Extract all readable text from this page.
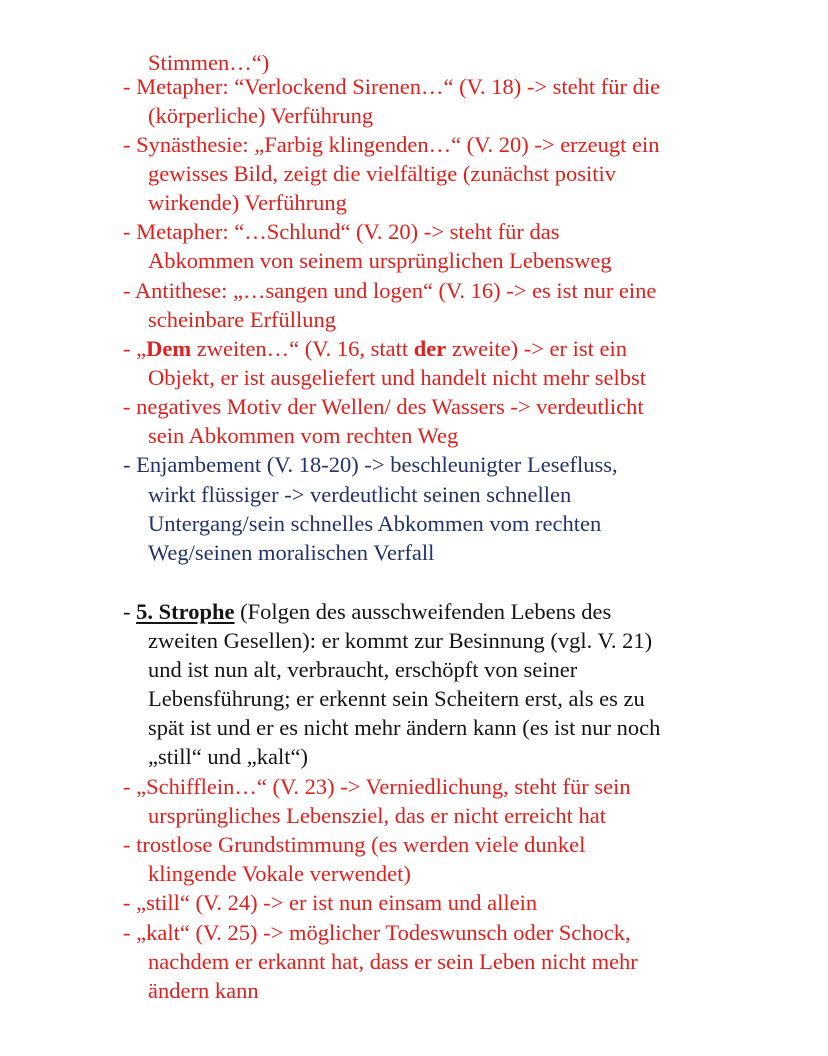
Stimmen…“)
- Metapher: “Verlockend Sirenen…“ (V. 18) -> steht für die
(körperliche) Verführung
- Synästhesie: „Farbig klingenden…“ (V. 20) -> erzeugt ein
gewisses Bild, zeigt die vielfältige (zunächst positiv
wirkende) Verführung
- Metapher: “…Schlund“ (V. 20) -> steht für das
Abkommen von seinem ursprünglichen Lebensweg
- Antithese: „…sangen und logen“ (V. 16) -> es ist nur eine
scheinbare Erfüllung
- „Dem zweiten…“ (V. 16, statt der zweite) -> er ist ein
Objekt, er ist ausgeliefert und handelt nicht mehr selbst
- negatives Motiv der Wellen/ des Wassers -> verdeutlicht
sein Abkommen vom rechten Weg
- Enjambement (V. 18-20) -> beschleunigter Lesefluss,
wirkt flüssiger -> verdeutlicht seinen schnellen
Untergang/sein schnelles Abkommen vom rechten
Weg/seinen moralischen Verfall
- 5. Strophe (Folgen des ausschweifenden Lebens des
zweiten Gesellen): er kommt zur Besinnung (vgl. V. 21)
und ist nun alt, verbraucht, erschöpft von seiner
Lebensführung; er erkennt sein Scheitern erst, als es zu
spät ist und er es nicht mehr ändern kann (es ist nur noch
„still“ und „kalt“)
- „Schifflein…“ (V. 23) -> Verniedlichung, steht für sein
ursprüngliches Lebensziel, das er nicht erreicht hat
- trostlose Grundstimmung (es werden viele dunkel
klingende Vokale verwendet)
- „still“ (V. 24) -> er ist nun einsam und allein
- „kalt“ (V. 25) -> möglicher Todeswunsch oder Schock,
nachdem er erkannt hat, dass er sein Leben nicht mehr
ändern kann
